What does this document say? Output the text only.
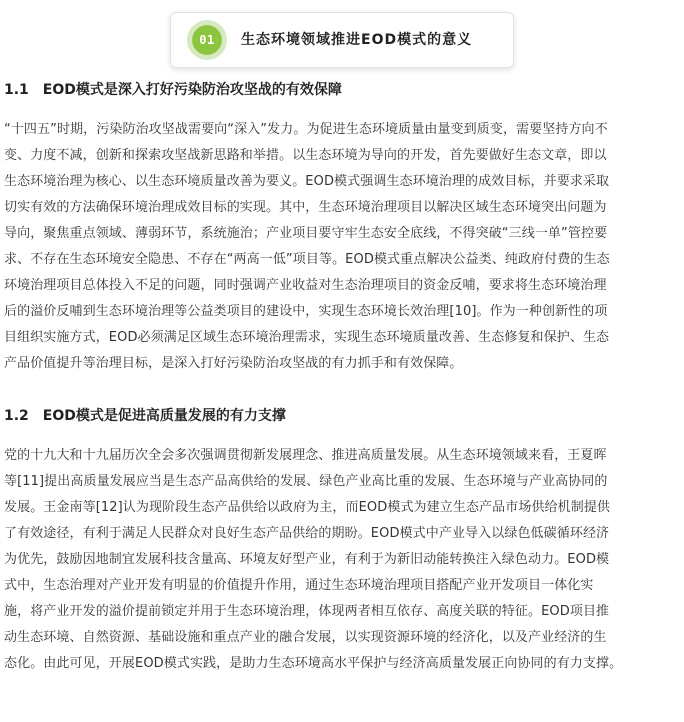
01 生态环境领域推进EOD模式的意义
1.1　EOD模式是深入打好污染防治攻坚战的有效保障
“十四五”时期，污染防治攻坚战需要向“深入”发力。为促进生态环境质量由量变到质变，需要坚持方向不
变、力度不减，创新和探索攻坚战新思路和举措。以生态环境为导向的开发，首先要做好生态文章，即以
生态环境治理为核心、以生态环境质量改善为要义。EOD模式强调生态环境治理的成效目标，并要求采取
切实有效的方法确保环境治理成效目标的实现。其中，生态环境治理项目以解决区域生态环境突出问题为
导向，聚焦重点领域、薄弱环节，系统施治；产业项目要守牢生态安全底线，不得突破“三线一单”管控要
求、不存在生态环境安全隐患、不存在“两高一低”项目等。EOD模式重点解决公益类、纯政府付费的生态
环境治理项目总体投入不足的问题，同时强调产业收益对生态治理项目的资金反哺，要求将生态环境治理
后的溢价反哺到生态环境治理等公益类项目的建设中，实现生态环境长效治理[10]。作为一种创新性的项
目组织实施方式，EOD必须满足区域生态环境治理需求，实现生态环境质量改善、生态修复和保护、生态
产品价值提升等治理目标，是深入打好污染防治攻坚战的有力抓手和有效保障。
1.2　EOD模式是促进高质量发展的有力支撑
党的十九大和十九届历次全会多次强调贯彻新发展理念、推进高质量发展。从生态环境领域来看，王夏晖
等[11]提出高质量发展应当是生态产品高供给的发展、绿色产业高比重的发展、生态环境与产业高协同的
发展。王金南等[12]认为现阶段生态产品供给以政府为主，而EOD模式为建立生态产品市场供给机制提供
了有效途径，有利于满足人民群众对良好生态产品供给的期盼。EOD模式中产业导入以绿色低碳循环经济
为优先，鼓励因地制宜发展科技含量高、环境友好型产业，有利于为新旧动能转换注入绿色动力。EOD模
式中，生态治理对产业开发有明显的价值提升作用，通过生态环境治理项目搭配产业开发项目一体化实
施，将产业开发的溢价提前锁定并用于生态环境治理，体现两者相互依存、高度关联的特征。EOD项目推
动生态环境、自然资源、基础设施和重点产业的融合发展，以实现资源环境的经济化，以及产业经济的生
态化。由此可见，开展EOD模式实践，是助力生态环境高水平保护与经济高质量发展正向协同的有力支撑。
